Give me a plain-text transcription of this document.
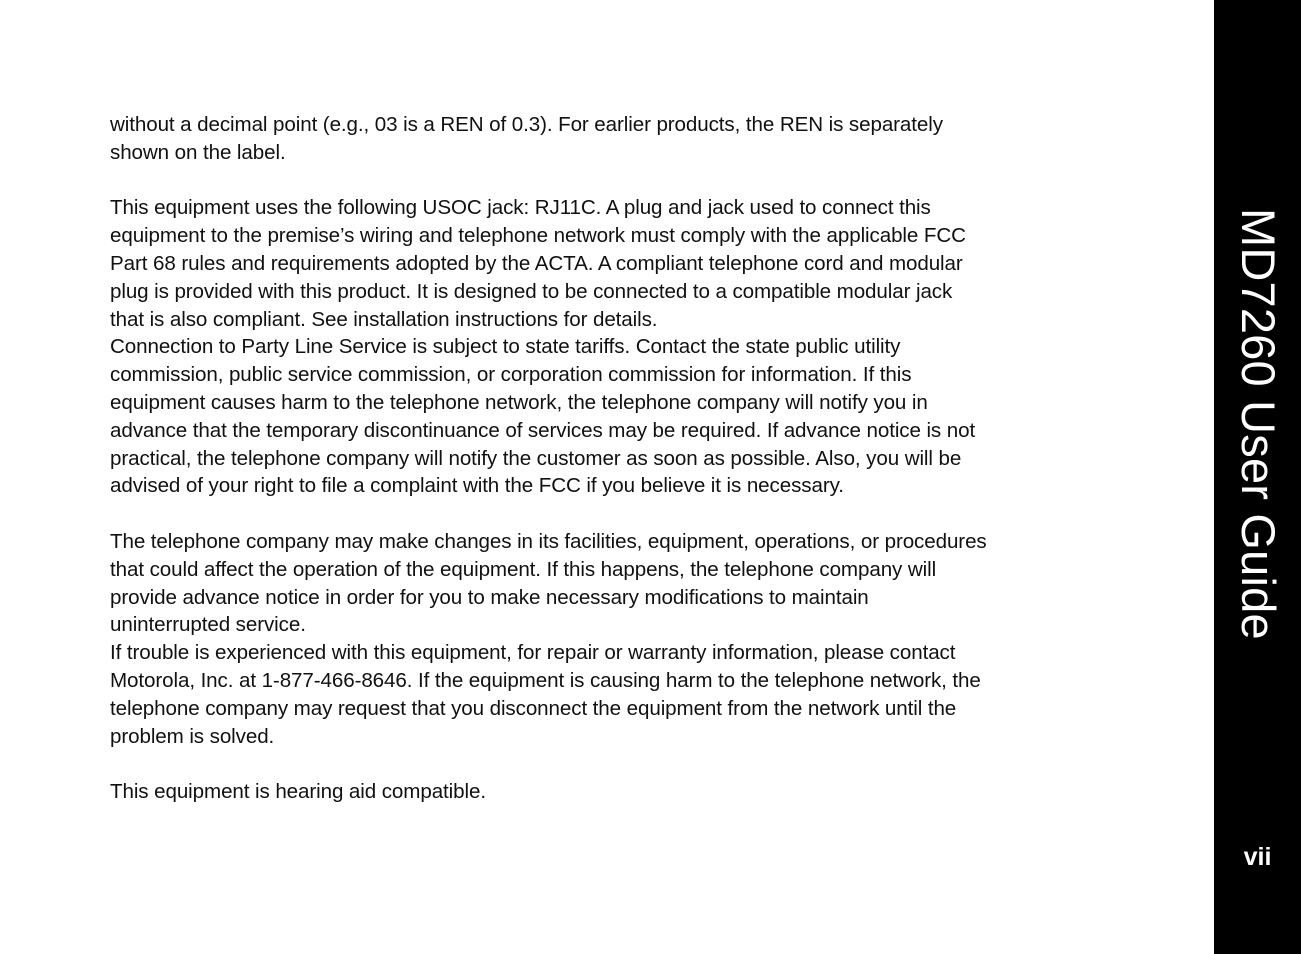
without a decimal point (e.g., 03 is a REN of 0.3). For earlier products, the REN is separately
shown on the label.

This equipment uses the following USOC jack: RJ11C. A plug and jack used to connect this
equipment to the premise’s wiring and telephone network must comply with the applicable FCC
Part 68 rules and requirements adopted by the ACTA. A compliant telephone cord and modular
plug is provided with this product. It is designed to be connected to a compatible modular jack
that is also compliant. See installation instructions for details.
Connection to Party Line Service is subject to state tariffs. Contact the state public utility
commission, public service commission, or corporation commission for information. If this
equipment causes harm to the telephone network, the telephone company will notify you in
advance that the temporary discontinuance of services may be required. If advance notice is not
practical, the telephone company will notify the customer as soon as possible. Also, you will be
advised of your right to file a complaint with the FCC if you believe it is necessary.

The telephone company may make changes in its facilities, equipment, operations, or procedures
that could affect the operation of the equipment. If this happens, the telephone company will
provide advance notice in order for you to make necessary modifications to maintain
uninterrupted service.
If trouble is experienced with this equipment, for repair or warranty information, please contact
Motorola, Inc. at 1-877-466-8646. If the equipment is causing harm to the telephone network, the
telephone company may request that you disconnect the equipment from the network until the
problem is solved.

This equipment is hearing aid compatible.

MD7260 User Guide
vii
